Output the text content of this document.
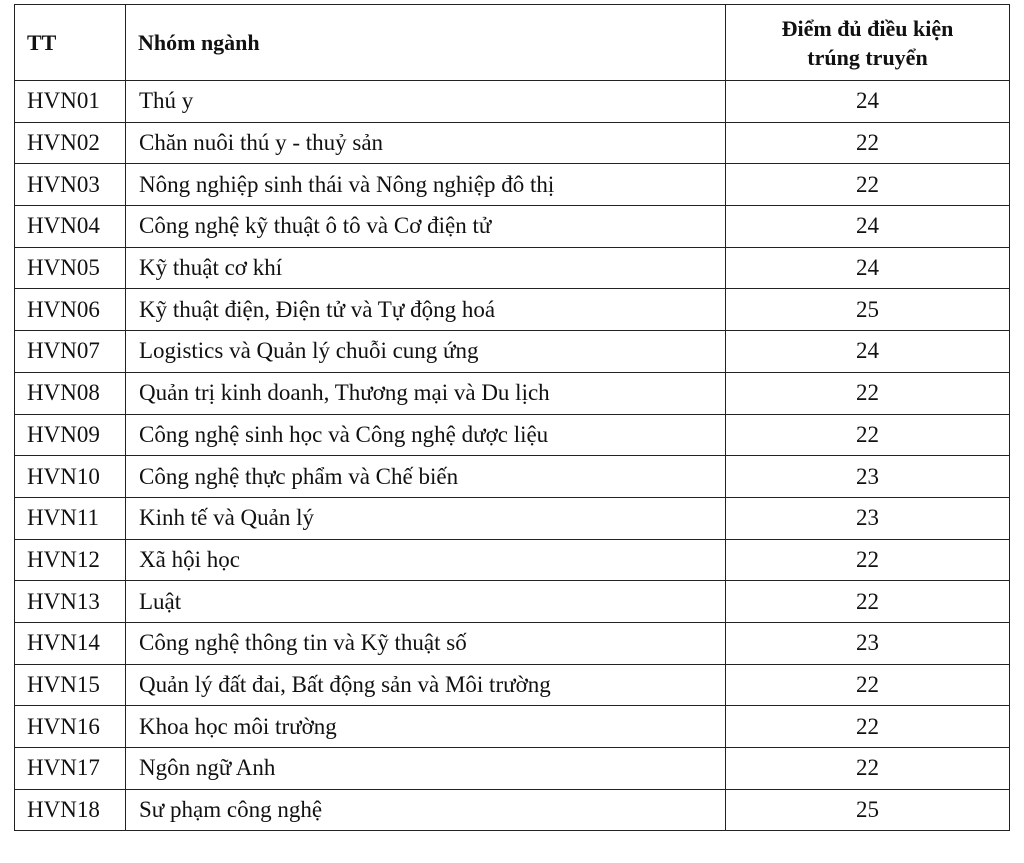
TT	Nhóm ngành	Điểm đủ điều kiện
trúng truyển

HVN01	Thú y	24
HVN02	Chăn nuôi thú y - thuỷ sản	22
HVN03	Nông nghiệp sinh thái và Nông nghiệp đô thị	22
HVN04	Công nghệ kỹ thuật ô tô và Cơ điện tử	24
HVN05	Kỹ thuật cơ khí	24
HVN06	Kỹ thuật điện, Điện tử và Tự động hoá	25
HVN07	Logistics và Quản lý chuỗi cung ứng	24
HVN08	Quản trị kinh doanh, Thương mại và Du lịch	22
HVN09	Công nghệ sinh học và Công nghệ dược liệu	22
HVN10	Công nghệ thực phẩm và Chế biến	23
HVN11	Kinh tế và Quản lý	23
HVN12	Xã hội học	22
HVN13	Luật	22
HVN14	Công nghệ thông tin và Kỹ thuật số	23
HVN15	Quản lý đất đai, Bất động sản và Môi trường	22
HVN16	Khoa học môi trường	22
HVN17	Ngôn ngữ Anh	22
HVN18	Sư phạm công nghệ	25
